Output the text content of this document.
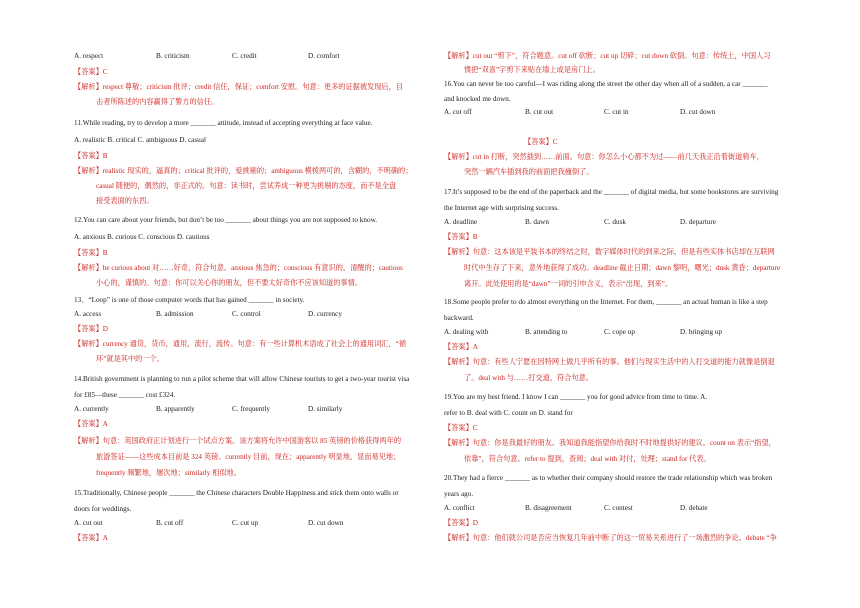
A. respect	B. criticism	C. credit	D. comfort
【答案】C
【解析】respect 尊敬；criticism 批评；credit 信任，保证；comfort 安慰。句意：更多的证据被发现后，目
击者所陈述的内容赢得了警方的信任。
11.While reading, try to develop a more _______ attitude, instead of accepting everything at face value.
A. realistic B. critical C. ambiguous D. casual
【答案】B
【解析】realistic 现实的，逼真的；critical 批评的，爱挑剔的；ambiguous 模棱两可的，含糊的，不明确的；
casual 随便的，偶然的，非正式的。句意：读书时，尝试养成一种更为挑剔的态度，而不是全盘
接受表面的东西。
12.You can care about your friends, but don’t be too _______ about things you are not supposed to know.
A. anxious B. curious C. conscious D. cautious
【答案】B
【解析】be curious about 对……好奇，符合句意。anxious 焦急的；conscious 有意识的，清醒的；cautious
小心的，谨慎的。句意：你可以关心你的朋友，但不要太好奇你不应该知道的事情。
13．“Loop” is one of those computer words that has gained _______ in society.
A. access	B. admission	C. control	D. currency
【答案】D
【解析】currency 通货，货币，通用，流行，流传。句意：有一些计算机术语成了社会上的通用词汇，“循
环”就是其中的一个。
14.British government is planning to run a pilot scheme that will allow Chinese tourists to get a two-year tourist visa
for £85—these _______ cost £324.
A. currently	B. apparently	C. frequently	D. similarly
【答案】A
【解析】句意：英国政府正计划进行一个试点方案。该方案将允许中国游客以 85 英镑的价格获得两年的
旅游签证——这些成本目前是 324 英镑。currently 目前，现在；apparently 明显地，显而易见地；
frequently 频繁地，屡次地；similarly 相似地。
15.Traditionally, Chinese people _______ the Chinese characters Double Happiness and stick them onto walls or
doors for weddings.
A. cut out	B. cut off	C. cut up	D. cut down
【答案】A
【解析】cut out “剪下”，符合题意。cut off 砍断；cut up 切碎；cut down 砍倒。句意：传统上，中国人习
惯把“双喜”字剪下来贴在墙上或是房门上。
16.You can never be too careful—I was riding along the street the other day when all of a sudden, a car _______
and knocked me down.
A. cut off	B. cut out	C. cut in	D. cut down
【答案】C
【解析】cut in 打断，突然插到……前面。句意：你怎么小心都不为过——前几天我正沿着街道骑车，
突然一辆汽车插到我的前面把我撞倒了。
17.It’s supposed to be the end of the paperback and the _______ of digital media, but some bookstores are surviving
the Internet age with surprising success.
A. deadline	B. dawn	C. dusk	D. departure
【答案】B
【解析】句意：这本该是平装书本的终结之时，数字媒体时代的到来之际，但是有些实体书店却在互联网
时代中生存了下来，意外地获得了成功。deadline 截止日期；dawn 黎明，曙光；dusk 黄昏；departure
离开。此处使用的是“dawn”一词的引申含义，表示“出现，到来”。
18.Some people prefer to do almost everything on the Internet. For them, _______ an actual human is like a step
backward.
A. dealing with	B. attending to	C. cope up	D. bringing up
【答案】A
【解析】句意：有些人宁愿在因特网上做几乎所有的事。他们与现实生活中的人打交道的能力就像是倒退
了。deal with 与……打交道，符合句意。
19.You are my best friend. I know I can _______ you for good advice from time to time. A.
refer to B. deal with C. count on D. stand for
【答案】C
【解析】句意：你是我最好的朋友。我知道我能指望你给我时不时地提供好的建议。count on 表示“指望，
依靠”，符合句意。refer to 提到，查阅；deal with 对付，处理；stand for 代表。
20.They had a fierce _______ as to whether their company should restore the trade relationship which was broken
years ago.
A. conflict	B. disagreement	C. contest	D. debate
【答案】D
【解析】句意：他们就公司是否应当恢复几年前中断了的这一贸易关系进行了一场激烈的争论。debate “争
